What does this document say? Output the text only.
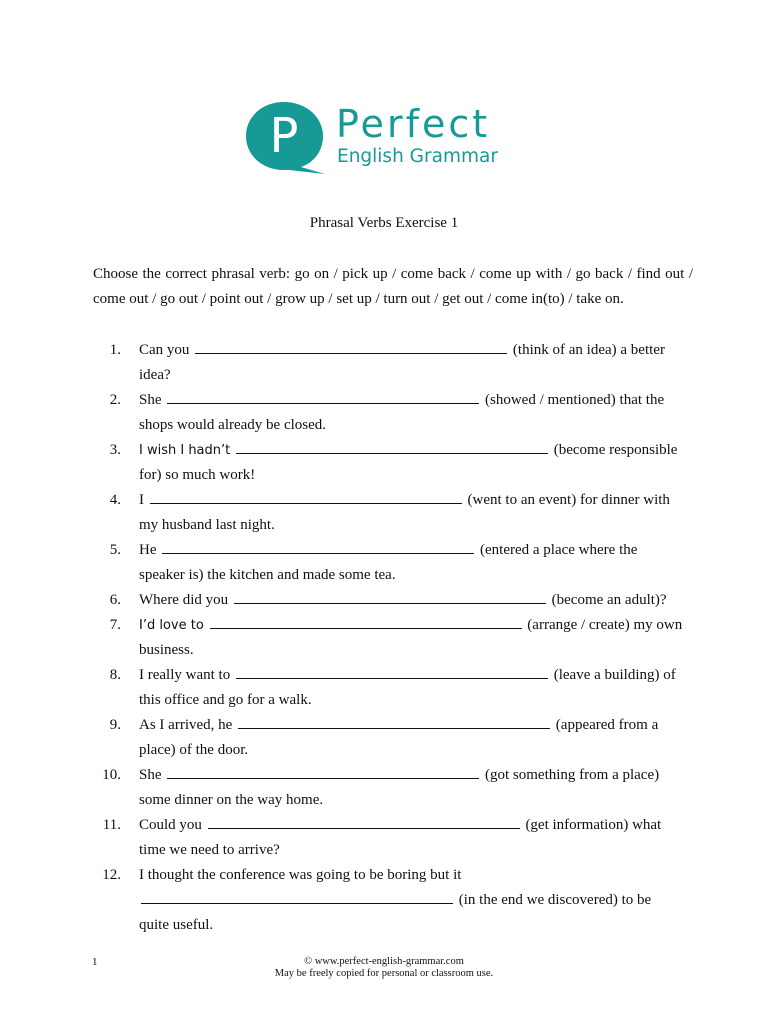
P Perfect
English Grammar
Phrasal Verbs Exercise 1
Choose the correct phrasal verb: go on / pick up / come back / come up with / go back / find out / come out / go out / point out / grow up / set up / turn out / get out / come in(to) / take on.
1. Can you	(think of an idea) a better idea?
2. She	(showed / mentioned) that the shops would already be closed.
3. I wish I hadn’t	(become responsible for) so much work!
4. I	(went to an event) for dinner with my husband last night.
5. He	(entered a place where the speaker is) the kitchen and made some tea.
6. Where did you	(become an adult)?
7. I’d love to	(arrange / create) my own business.
8. I really want to	(leave a building) of this office and go for a walk.
9. As I arrived, he	(appeared from a place) of the door.
10. She	(got something from a place) some dinner on the way home.
11. Could you	(get information) what time we need to arrive?
12. I thought the conference was going to be boring but it  (in the end we discovered) to be quite useful.
1	© www.perfect-english-grammar.com
May be freely copied for personal or classroom use.
